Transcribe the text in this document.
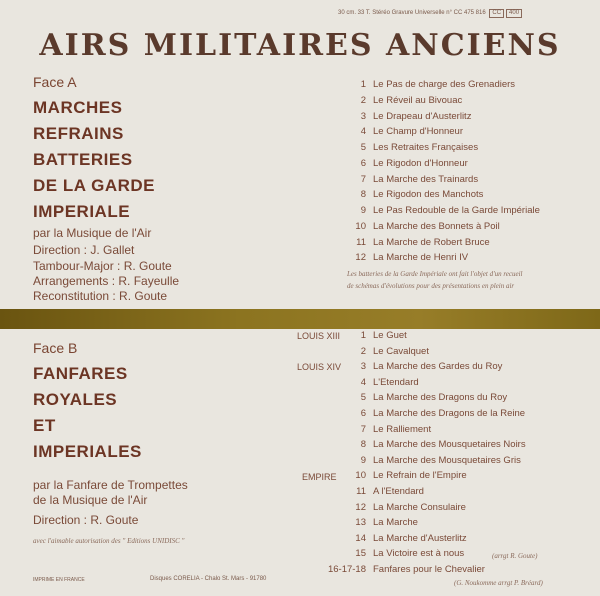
30 cm. 33 T. Stéréo Gravure Universelle n° CC 475 816 CC 400
AIRS MILITAIRES ANCIENS
Face A
MARCHES
REFRAINS
BATTERIES
DE LA GARDE
IMPERIALE
par la Musique de l'Air
Direction : J. Gallet
Tambour-Major : R. Goute
Arrangements : R. Fayeulle
Reconstitution : R. Goute
1 Le Pas de charge des Grenadiers
2 Le Réveil au Bivouac
3 Le Drapeau d'Austerlitz
4 Le Champ d'Honneur
5 Les Retraites Françaises
6 Le Rigodon d'Honneur
7 La Marche des Trainards
8 Le Rigodon des Manchots
9 Le Pas Redouble de la Garde Impériale
10 La Marche des Bonnets à Poil
11 La Marche de Robert Bruce
12 La Marche de Henri IV
Les batteries de la Garde Impériale ont fait l'objet d'un recueil
de schémas d'évolutions pour des présentations en plein air
Face B
FANFARES
ROYALES
ET
IMPERIALES
par la Fanfare de Trompettes
de la Musique de l'Air
Direction : R. Goute
avec l'aimable autorisation des " Editions UNIDISC "
LOUIS XIII
LOUIS XIV
EMPIRE
1 Le Guet
2 Le Cavalquet
3 La Marche des Gardes du Roy
4 L'Etendard
5 La Marche des Dragons du Roy
6 La Marche des Dragons de la Reine
7 Le Ralliement
8 La Marche des Mousquetaires Noirs
9 La Marche des Mousquetaires Gris
10 Le Refrain de l'Empire
11 A l'Etendard
12 La Marche Consulaire
13 La Marche
14 La Marche d'Austerlitz
15 La Victoire est à nous
16-17-18 Fanfares pour le Chevalier
(arrgt R. Goute)
(G. Noukomme arrgt P. Bréard)
IMPRIME EN FRANCE	Disques CORELIA - Chalo St. Mars - 91780
